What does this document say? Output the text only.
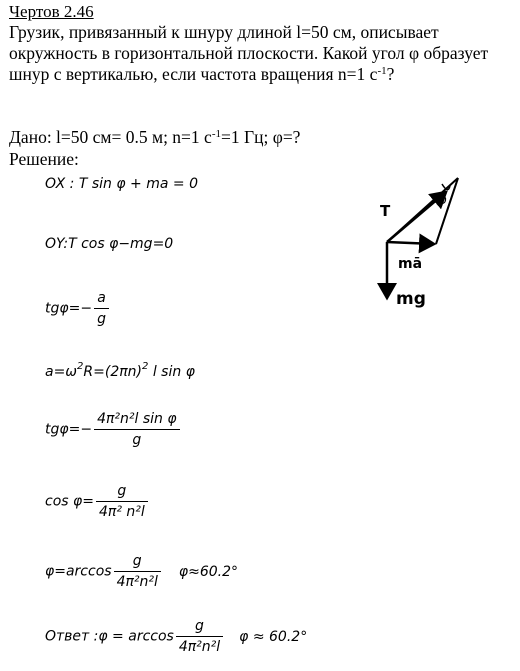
Чертов 2.46
Грузик, привязанный к шнуру длиной l=50 см, описывает окружность в горизонтальной плоскости. Какой угол φ образует шнур с вертикалью, если частота вращения n=1 $с^{-1}$?
Дано: l=50 см= 0.5 м; n=1 $с^{-1}=1$ Гц; φ=?
Решение:
OX : T sin φ + ma = 0
OY:T cos φ−mg=0
$tg\varphi=- \frac{a}{g}$
$a=\omega^2R=(2\pi n)^2$ l sin φ
$tg\varphi=- \frac{\text{4π²n²l sin φ}}{g}$
$\cos \varphi= \frac{g}{\text{4π² n²l}}$
$\varphi=\arccos \frac{g}{\text{4π²n²l}} \varphi\approx 60.2^\circ$
Ответ :φ = $\arccos \frac{g}{\text{4π²n²l}}$ φ ≈ 60.2°
T
φ
mā
mg
